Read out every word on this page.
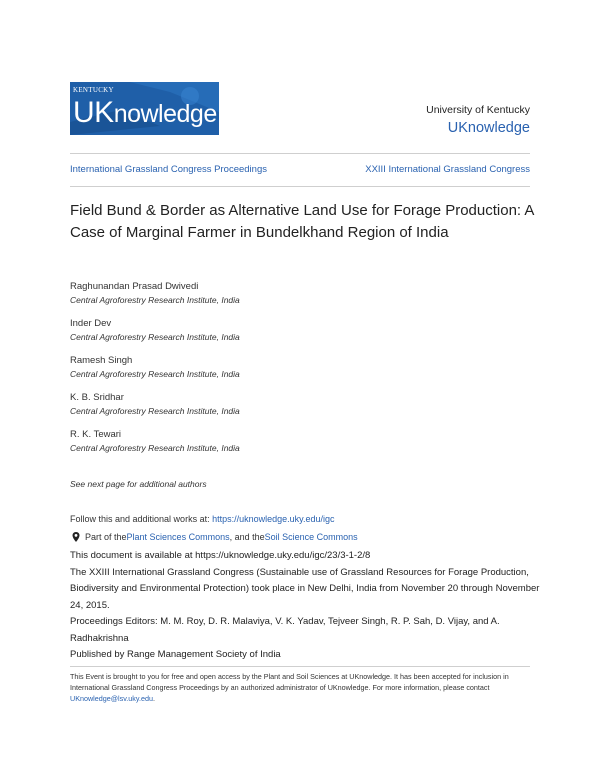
KENTUCKY
UKnowledge	University of Kentucky
UKnowledge
International Grassland Congress Proceedings	XXIII International Grassland Congress
Field Bund & Border as Alternative Land Use for Forage Production: A Case of Marginal Farmer in Bundelkhand Region of India
Raghunandan Prasad Dwivedi
Central Agroforestry Research Institute, India
Inder Dev
Central Agroforestry Research Institute, India
Ramesh Singh
Central Agroforestry Research Institute, India
K. B. Sridhar
Central Agroforestry Research Institute, India
R. K. Tewari
Central Agroforestry Research Institute, India
See next page for additional authors
Follow this and additional works at: https://uknowledge.uky.edu/igc
Part of the Plant Sciences Commons , and the Soil Science Commons
This document is available at https://uknowledge.uky.edu/igc/23/3-1-2/8
The XXIII International Grassland Congress (Sustainable use of Grassland Resources for Forage Production, Biodiversity and Environmental Protection) took place in New Delhi, India from November 20 through November 24, 2015.
Proceedings Editors: M. M. Roy, D. R. Malaviya, V. K. Yadav, Tejveer Singh, R. P. Sah, D. Vijay, and A. Radhakrishna
Published by Range Management Society of India
This Event is brought to you for free and open access by the Plant and Soil Sciences at UKnowledge. It has been accepted for inclusion in International Grassland Congress Proceedings by an authorized administrator of UKnowledge. For more information, please contact UKnowledge@lsv.uky.edu.
